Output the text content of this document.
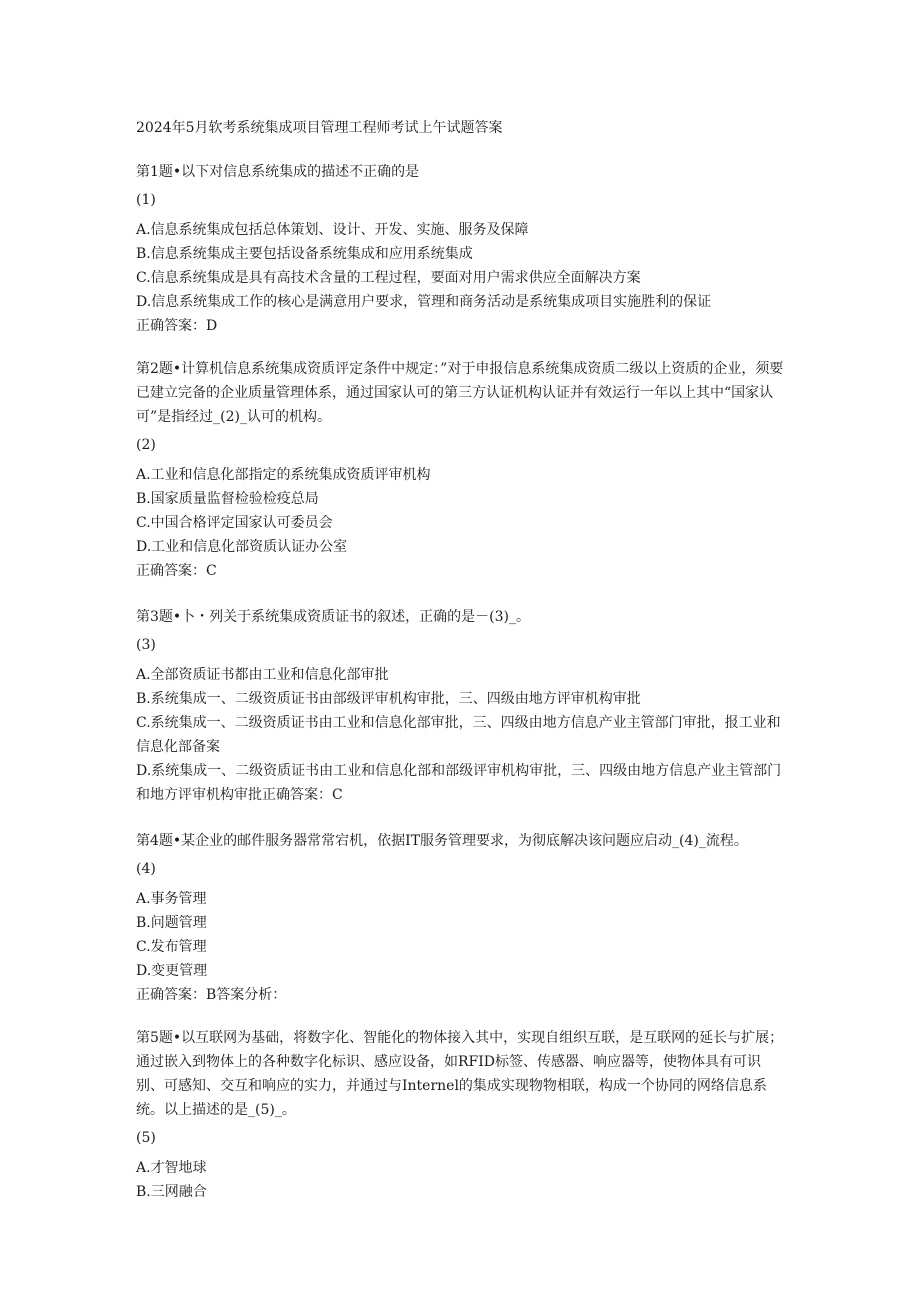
2024年5月软考系统集成项目管理工程师考试上午试题答案

第1题•以下对信息系统集成的描述不正确的是

(1)

A.信息系统集成包括总体策划、设计、开发、实施、服务及保障

B.信息系统集成主要包括设备系统集成和应用系统集成

C.信息系统集成是具有高技术含量的工程过程，要面对用户需求供应全面解决方案

D.信息系统集成工作的核心是满意用户要求，管理和商务活动是系统集成项目实施胜利的保证

正确答案：D

第2题•计算机信息系统集成资质评定条件中规定：”对于申报信息系统集成资质二级以上资质的企业，须要已建立完备的企业质量管理体系，通过国家认可的第三方认证机构认证并有效运行一年以上其中“国家认可”是指经过_(2)_认可的机构。

(2)

A.工业和信息化部指定的系统集成资质评审机构

B.国家质量监督检验检疫总局

C.中国合格评定国家认可委员会

D.工业和信息化部资质认证办公室

正确答案：C

第3题•卜・列关于系统集成资质证书的叙述，正确的是－(3)_。

(3)

A.全部资质证书都由工业和信息化部审批

B.系统集成一、二级资质证书由部级评审机构审批，三、四级由地方评审机构审批

C.系统集成一、二级资质证书由工业和信息化部审批，三、四级由地方信息产业主管部门审批，报工业和信息化部备案

D.系统集成一、二级资质证书由工业和信息化部和部级评审机构审批，三、四级由地方信息产业主管部门和地方评审机构审批正确答案：C

第4题•某企业的邮件服务器常常宕机，依据IT服务管理要求，为彻底解决该问题应启动_(4)_流程。

(4)

A.事务管理

B.问题管理

C.发布管理

D.变更管理

正确答案：B答案分析：

第5题•以互联网为基础，将数字化、智能化的物体接入其中，实现自组织互联，是互联网的延长与扩展；通过嵌入到物体上的各种数字化标识、感应设备，如RFID标签、传感器、响应器等，使物体具有可识别、可感知、交互和响应的实力，并通过与Internel的集成实现物物相联，构成一个协同的网络信息系统。以上描述的是_(5)_。

(5)

A.才智地球

B.三网融合
